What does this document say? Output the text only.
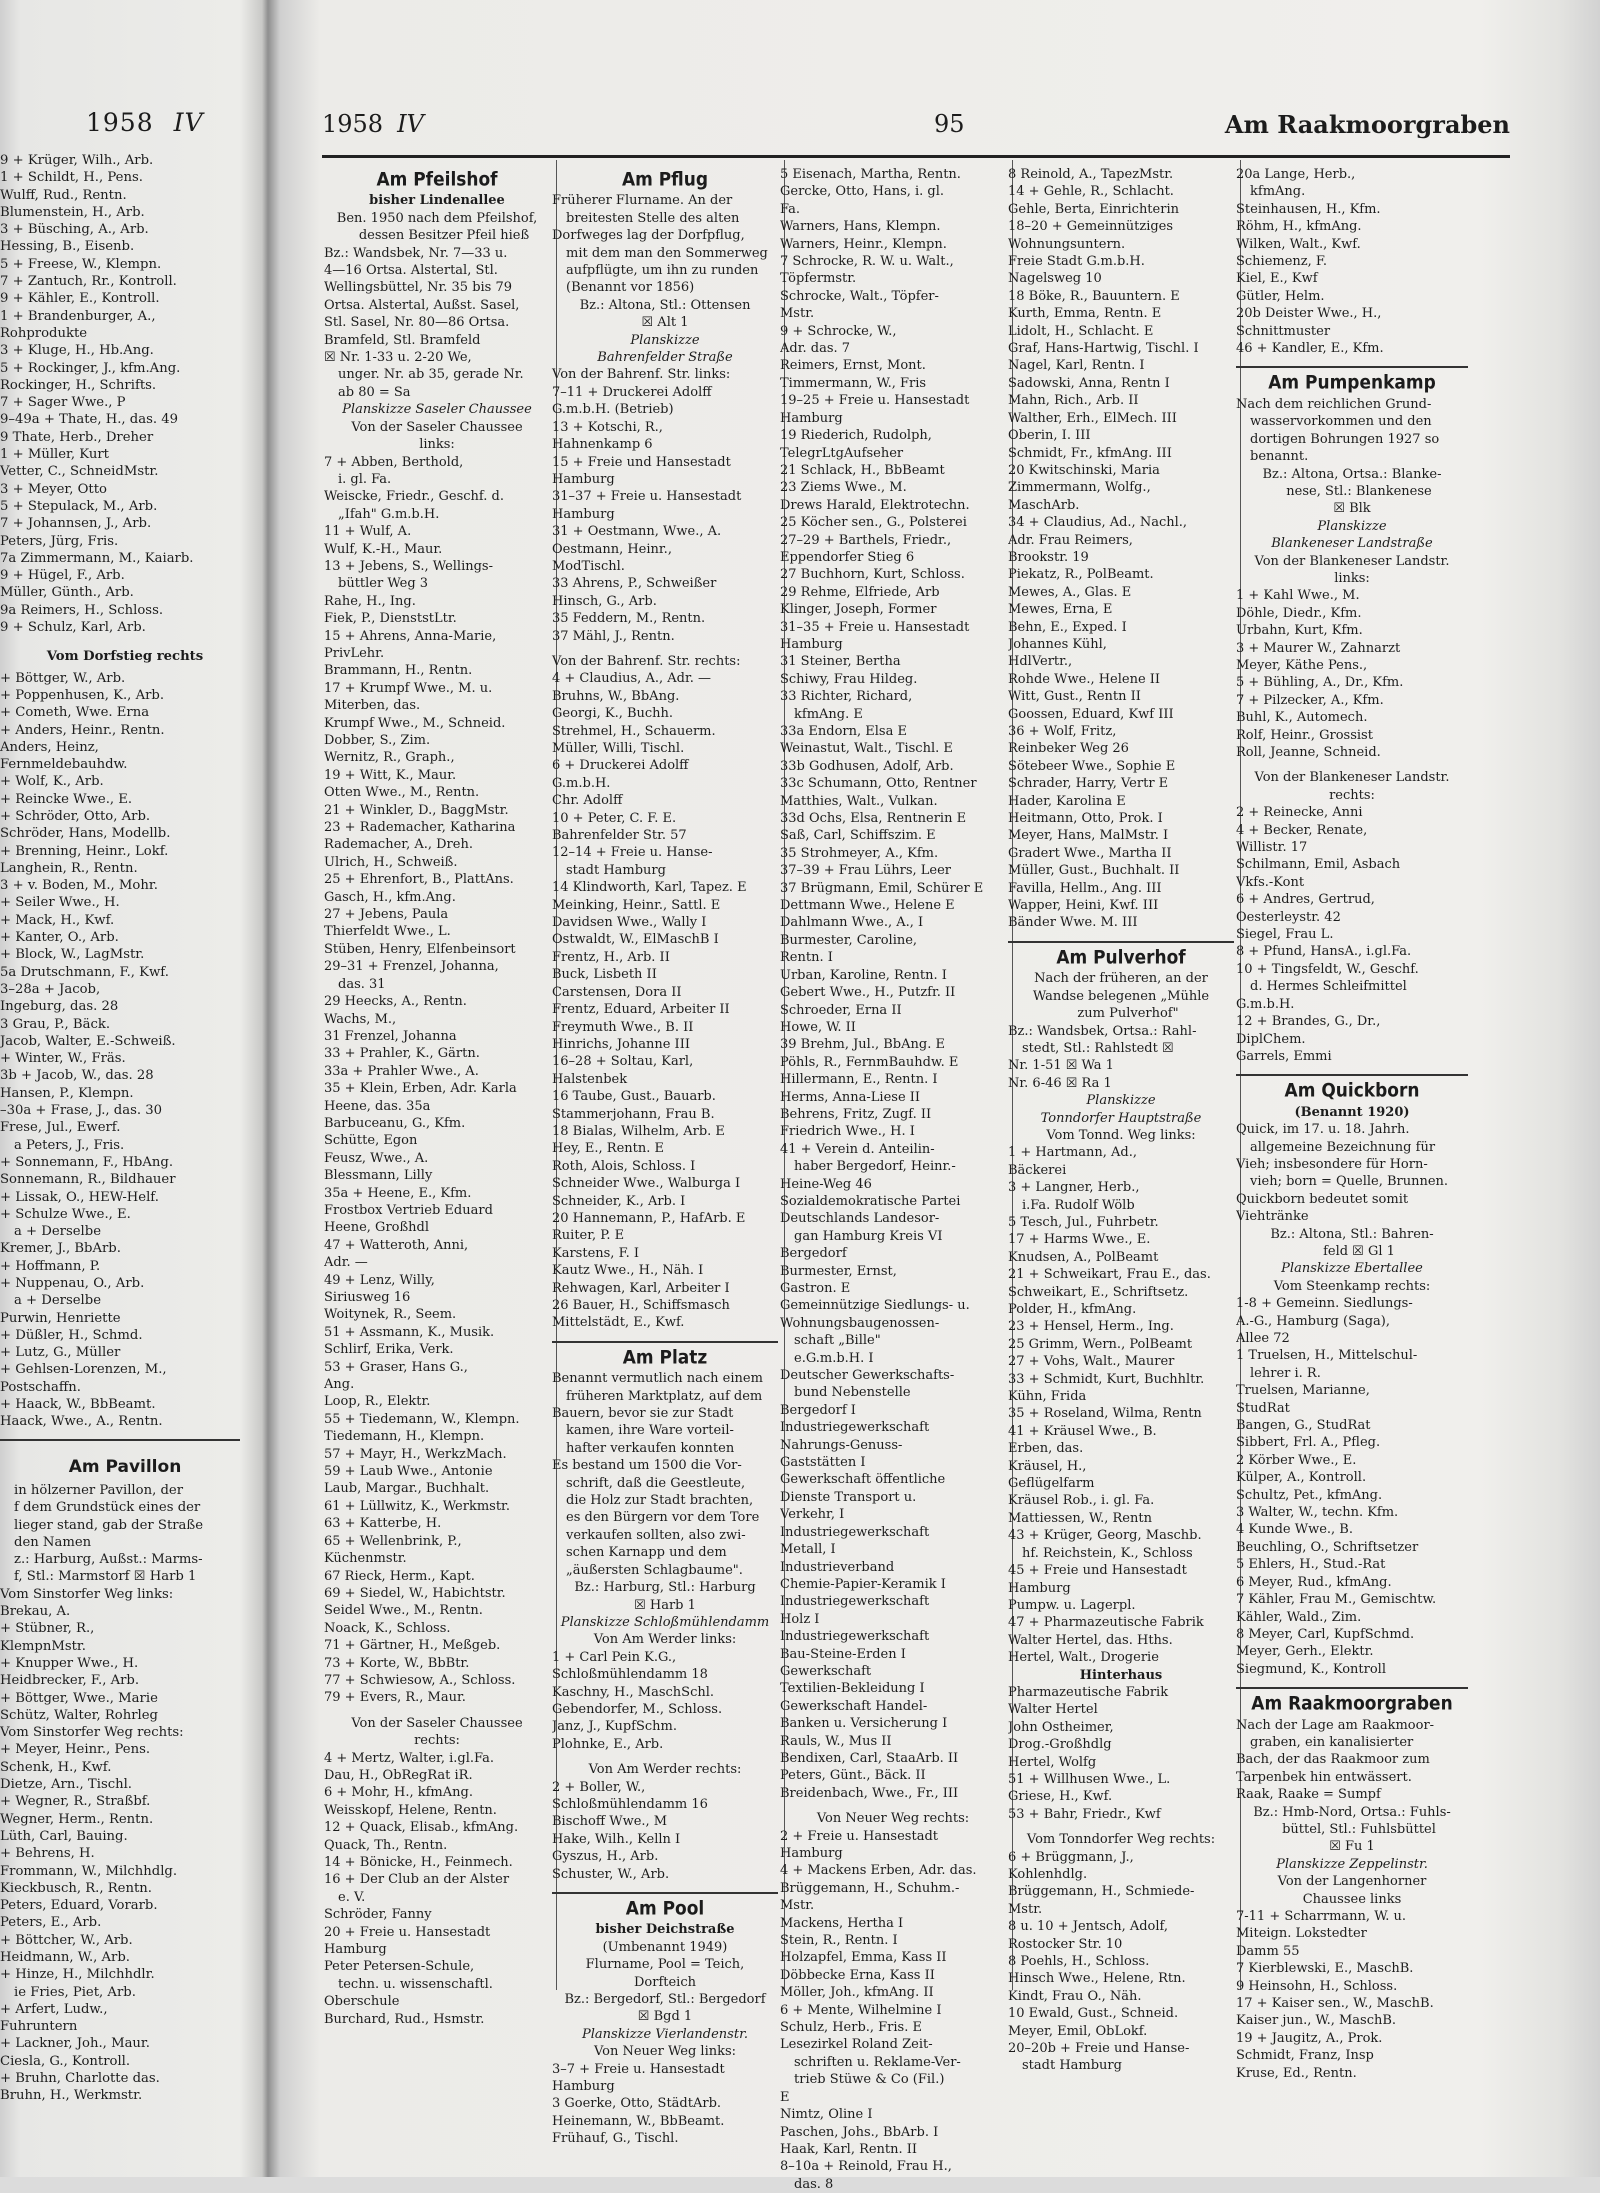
1958 IV
9 + Krüger, Wilh., Arb.
1 + Schildt, H., Pens.
Wulff, Rud., Rentn.
Blumenstein, H., Arb.
3 + Büsching, A., Arb.
Hessing, B., Eisenb.
5 + Freese, W., Klempn.
7 + Zantuch, Rr., Kontroll.
9 + Kähler, E., Kontroll.
1 + Brandenburger, A.,
Rohprodukte
3 + Kluge, H., Hb.Ang.
5 + Rockinger, J., kfm.Ang.
Rockinger, H., Schrifts.
7 + Sager Wwe., P
9–49a + Thate, H., das. 49
9 Thate, Herb., Dreher
1 + Müller, Kurt
Vetter, C., SchneidMstr.
3 + Meyer, Otto
5 + Stepulack, M., Arb.
7 + Johannsen, J., Arb.
Peters, Jürg, Fris.
7a Zimmermann, M., Kaiarb.
9 + Hügel, F., Arb.
Müller, Günth., Arb.
9a Reimers, H., Schloss.
9 + Schulz, Karl, Arb.
Vom Dorfstieg rechts
+ Böttger, W., Arb.
+ Poppenhusen, K., Arb.
+ Cometh, Wwe. Erna
+ Anders, Heinr., Rentn.
Anders, Heinz,
Fernmeldebauhdw.
+ Wolf, K., Arb.
+ Reincke Wwe., E.
+ Schröder, Otto, Arb.
Schröder, Hans, Modellb.
+ Brenning, Heinr., Lokf.
Langhein, R., Rentn.
3 + v. Boden, M., Mohr.
+ Seiler Wwe., H.
+ Mack, H., Kwf.
+ Kanter, O., Arb.
+ Block, W., LagMstr.
5a Drutschmann, F., Kwf.
3–28a + Jacob,
Ingeburg, das. 28
3 Grau, P., Bäck.
Jacob, Walter, E.-Schweiß.
+ Winter, W., Fräs.
3b + Jacob, W., das. 28
Hansen, P., Klempn.
–30a + Frase, J., das. 30
Frese, Jul., Ewerf.
a Peters, J., Fris.
+ Sonnemann, F., HbAng.
Sonnemann, R., Bildhauer
+ Lissak, O., HEW-Helf.
+ Schulze Wwe., E.
a + Derselbe
Kremer, J., BbArb.
+ Hoffmann, P.
+ Nuppenau, O., Arb.
a + Derselbe
Purwin, Henriette
+ Düßler, H., Schmd.
+ Lutz, G., Müller
+ Gehlsen-Lorenzen, M.,
Postschaffn.
+ Haack, W., BbBeamt.
Haack, Wwe., A., Rentn.
Am Pavillon
in hölzerner Pavillon, der
f dem Grundstück eines der
lieger stand, gab der Straße
den Namen
z.: Harburg, Außst.: Marms-
f, Stl.: Marmstorf ☒ Harb 1
Vom Sinstorfer Weg links:
Brekau, A.
+ Stübner, R.,
KlempnMstr.
+ Knupper Wwe., H.
Heidbrecker, F., Arb.
+ Böttger, Wwe., Marie
Schütz, Walter, Rohrleg
Vom Sinstorfer Weg rechts:
+ Meyer, Heinr., Pens.
Schenk, H., Kwf.
Dietze, Arn., Tischl.
+ Wegner, R., Straßbf.
Wegner, Herm., Rentn.
Lüth, Carl, Bauing.
+ Behrens, H.
Frommann, W., Milchhdlg.
Kieckbusch, R., Rentn.
Peters, Eduard, Vorarb.
Peters, E., Arb.
+ Böttcher, W., Arb.
Heidmann, W., Arb.
+ Hinze, H., Milchhdlr.
ie Fries, Piet, Arb.
+ Arfert, Ludw.,
Fuhruntern
+ Lackner, Joh., Maur.
Ciesla, G., Kontroll.
+ Bruhn, Charlotte das.
Bruhn, H., Werkmstr.
1958 IV	95	Am Raakmoorgraben
Am Pfeilshof
bisher Lindenallee
Ben. 1950 nach dem Pfeilshof,
dessen Besitzer Pfeil hieß
Bz.: Wandsbek, Nr. 7—33 u.
4—16 Ortsa. Alstertal, Stl.
Wellingsbüttel, Nr. 35 bis 79
Ortsa. Alstertal, Außst. Sasel,
Stl. Sasel, Nr. 80—86 Ortsa.
Bramfeld, Stl. Bramfeld
☒ Nr. 1-33 u. 2-20 We,
unger. Nr. ab 35, gerade Nr.
ab 80 = Sa
Planskizze Saseler Chaussee
Von der Saseler Chaussee
links:
7 + Abben, Berthold,
i. gl. Fa.
Weiscke, Friedr., Geschf. d.
„Ifah" G.m.b.H.
11 + Wulf, A.
Wulf, K.-H., Maur.
13 + Jebens, S., Wellings-
büttler Weg 3
Rahe, H., Ing.
Fiek, P., DienststLtr.
15 + Ahrens, Anna-Marie,
PrivLehr.
Brammann, H., Rentn.
17 + Krumpf Wwe., M. u.
Miterben, das.
Krumpf Wwe., M., Schneid.
Dobber, S., Zim.
Wernitz, R., Graph.,
19 + Witt, K., Maur.
Otten Wwe., M., Rentn.
21 + Winkler, D., BaggMstr.
23 + Rademacher, Katharina
Rademacher, A., Dreh.
Ulrich, H., Schweiß.
25 + Ehrenfort, B., PlattAns.
Gasch, H., kfm.Ang.
27 + Jebens, Paula
Thierfeldt Wwe., L.
Stüben, Henry, Elfenbeinsort
29–31 + Frenzel, Johanna,
das. 31
29 Heecks, A., Rentn.
Wachs, M.,
31 Frenzel, Johanna
33 + Prahler, K., Gärtn.
33a + Prahler Wwe., A.
35 + Klein, Erben, Adr. Karla
Heene, das. 35a
Barbuceanu, G., Kfm.
Schütte, Egon
Feusz, Wwe., A.
Blessmann, Lilly
35a + Heene, E., Kfm.
Frostbox Vertrieb Eduard
Heene, Großhdl
47 + Watteroth, Anni,
Adr. —
49 + Lenz, Willy,
Siriusweg 16
Woitynek, R., Seem.
51 + Assmann, K., Musik.
Schlirf, Erika, Verk.
53 + Graser, Hans G.,
Ang.
Loop, R., Elektr.
55 + Tiedemann, W., Klempn.
Tiedemann, H., Klempn.
57 + Mayr, H., WerkzMach.
59 + Laub Wwe., Antonie
Laub, Margar., Buchhalt.
61 + Lüllwitz, K., Werkmstr.
63 + Katterbe, H.
65 + Wellenbrink, P.,
Küchenmstr.
67 Rieck, Herm., Kapt.
69 + Siedel, W., Habichtstr.
Seidel Wwe., M., Rentn.
Noack, K., Schloss.
71 + Gärtner, H., Meßgeb.
73 + Korte, W., BbBtr.
77 + Schwiesow, A., Schloss.
79 + Evers, R., Maur.
Von der Saseler Chaussee
rechts:
4 + Mertz, Walter, i.gl.Fa.
Dau, H., ObRegRat iR.
6 + Mohr, H., kfmAng.
Weisskopf, Helene, Rentn.
12 + Quack, Elisab., kfmAng.
Quack, Th., Rentn.
14 + Bönicke, H., Feinmech.
16 + Der Club an der Alster
e. V.
Schröder, Fanny
20 + Freie u. Hansestadt
Hamburg
Peter Petersen-Schule,
techn. u. wissenschaftl.
Oberschule
Burchard, Rud., Hsmstr.
Am Pflug
Früherer Flurname. An der
breitesten Stelle des alten
Dorfweges lag der Dorfpflug,
mit dem man den Sommerweg
aufpflügte, um ihn zu runden
(Benannt vor 1856)
Bz.: Altona, Stl.: Ottensen
☒ Alt 1
Planskizze
Bahrenfelder Straße
Von der Bahrenf. Str. links:
7–11 + Druckerei Adolff
G.m.b.H. (Betrieb)
13 + Kotschi, R.,
Hahnenkamp 6
15 + Freie und Hansestadt
Hamburg
31–37 + Freie u. Hansestadt
Hamburg
31 + Oestmann, Wwe., A.
Oestmann, Heinr.,
ModTischl.
33 Ahrens, P., Schweißer
Hinsch, G., Arb.
35 Feddern, M., Rentn.
37 Mähl, J., Rentn.
Von der Bahrenf. Str. rechts:
4 + Claudius, A., Adr. —
Bruhns, W., BbAng.
Georgi, K., Buchh.
Strehmel, H., Schauerm.
Müller, Willi, Tischl.
6 + Druckerei Adolff
G.m.b.H.
Chr. Adolff
10 + Peter, C. F. E.
Bahrenfelder Str. 57
12–14 + Freie u. Hanse-
stadt Hamburg
14 Klindworth, Karl, Tapez. E
Meinking, Heinr., Sattl. E
Davidsen Wwe., Wally I
Ostwaldt, W., ElMaschB I
Frentz, H., Arb. II
Buck, Lisbeth II
Carstensen, Dora II
Frentz, Eduard, Arbeiter II
Freymuth Wwe., B. II
Hinrichs, Johanne III
16–28 + Soltau, Karl,
Halstenbek
16 Taube, Gust., Bauarb.
Stammerjohann, Frau B.
18 Bialas, Wilhelm, Arb. E
Hey, E., Rentn. E
Roth, Alois, Schloss. I
Schneider Wwe., Walburga I
Schneider, K., Arb. I
20 Hannemann, P., HafArb. E
Ruiter, P. E
Karstens, F. I
Kautz Wwe., H., Näh. I
Rehwagen, Karl, Arbeiter I
26 Bauer, H., Schiffsmasch
Mittelstädt, E., Kwf.
Am Platz
Benannt vermutlich nach einem
früheren Marktplatz, auf dem
Bauern, bevor sie zur Stadt
kamen, ihre Ware vorteil-
hafter verkaufen konnten
Es bestand um 1500 die Vor-
schrift, daß die Geestleute,
die Holz zur Stadt brachten,
es den Bürgern vor dem Tore
verkaufen sollten, also zwi-
schen Karnapp und dem
„äußersten Schlagbaume".
Bz.: Harburg, Stl.: Harburg
☒ Harb 1
Planskizze Schloßmühlendamm
Von Am Werder links:
1 + Carl Pein K.G.,
Schloßmühlendamm 18
Kaschny, H., MaschSchl.
Gebendorfer, M., Schloss.
Janz, J., KupfSchm.
Plohnke, E., Arb.
Von Am Werder rechts:
2 + Boller, W.,
Schloßmühlendamm 16
Bischoff Wwe., M
Hake, Wilh., Kelln I
Gyszus, H., Arb.
Schuster, W., Arb.
Am Pool
bisher Deichstraße
(Umbenannt 1949)
Flurname, Pool = Teich,
Dorfteich
Bz.: Bergedorf, Stl.: Bergedorf
☒ Bgd 1
Planskizze Vierlandenstr.
Von Neuer Weg links:
3–7 + Freie u. Hansestadt
Hamburg
3 Goerke, Otto, StädtArb.
Heinemann, W., BbBeamt.
Frühauf, G., Tischl.
5 Eisenach, Martha, Rentn.
Gercke, Otto, Hans, i. gl.
Fa.
Warners, Hans, Klempn.
Warners, Heinr., Klempn.
7 Schrocke, R. W. u. Walt.,
Töpfermstr.
Schrocke, Walt., Töpfer-
Mstr.
9 + Schrocke, W.,
Adr. das. 7
Reimers, Ernst, Mont.
Timmermann, W., Fris
19–25 + Freie u. Hansestadt
Hamburg
19 Riederich, Rudolph,
TelegrLtgAufseher
21 Schlack, H., BbBeamt
23 Ziems Wwe., M.
Drews Harald, Elektrotechn.
25 Köcher sen., G., Polsterei
27–29 + Barthels, Friedr.,
Eppendorfer Stieg 6
27 Buchhorn, Kurt, Schloss.
29 Rehme, Elfriede, Arb
Klinger, Joseph, Former
31–35 + Freie u. Hansestadt
Hamburg
31 Steiner, Bertha
Schiwy, Frau Hildeg.
33 Richter, Richard,
kfmAng. E
33a Endorn, Elsa E
Weinastut, Walt., Tischl. E
33b Godhusen, Adolf, Arb.
33c Schumann, Otto, Rentner
Matthies, Walt., Vulkan.
33d Ochs, Elsa, Rentnerin E
Saß, Carl, Schiffszim. E
35 Strohmeyer, A., Kfm.
37–39 + Frau Lührs, Leer
37 Brügmann, Emil, Schürer E
Dettmann Wwe., Helene E
Dahlmann Wwe., A., I
Burmester, Caroline,
Rentn. I
Urban, Karoline, Rentn. I
Gebert Wwe., H., Putzfr. II
Schroeder, Erna II
Howe, W. II
39 Brehm, Jul., BbAng. E
Pöhls, R., FernmBauhdw. E
Hillermann, E., Rentn. I
Herms, Anna-Liese II
Behrens, Fritz, Zugf. II
Friedrich Wwe., H. I
41 + Verein d. Anteilin-
haber Bergedorf, Heinr.-
Heine-Weg 46
Sozialdemokratische Partei
Deutschlands Landesor-
gan Hamburg Kreis VI
Bergedorf
Burmester, Ernst,
Gastron. E
Gemeinnützige Siedlungs- u.
Wohnungsbaugenossen-
schaft „Bille"
e.G.m.b.H. I
Deutscher Gewerkschafts-
bund Nebenstelle
Bergedorf I
Industriegewerkschaft
Nahrungs-Genuss-
Gaststätten I
Gewerkschaft öffentliche
Dienste Transport u.
Verkehr, I
Industriegewerkschaft
Metall, I
Industrieverband
Chemie-Papier-Keramik I
Industriegewerkschaft
Holz I
Industriegewerkschaft
Bau-Steine-Erden I
Gewerkschaft
Textilien-Bekleidung I
Gewerkschaft Handel-
Banken u. Versicherung I
Rauls, W., Mus II
Bendixen, Carl, StaaArb. II
Peters, Günt., Bäck. II
Breidenbach, Wwe., Fr., III
Von Neuer Weg rechts:
2 + Freie u. Hansestadt
Hamburg
4 + Mackens Erben, Adr. das.
Brüggemann, H., Schuhm.-
Mstr.
Mackens, Hertha I
Stein, R., Rentn. I
Holzapfel, Emma, Kass II
Döbbecke Erna, Kass II
Möller, Joh., kfmAng. II
6 + Mente, Wilhelmine I
Schulz, Herb., Fris. E
Lesezirkel Roland Zeit-
schriften u. Reklame-Ver-
trieb Stüwe & Co (Fil.)
E
Nimtz, Oline I
Paschen, Johs., BbArb. I
Haak, Karl, Rentn. II
8–10a + Reinold, Frau H.,
das. 8
8 Reinold, A., TapezMstr.
14 + Gehle, R., Schlacht.
Gehle, Berta, Einrichterin
18–20 + Gemeinnütziges
Wohnungsuntern.
Freie Stadt G.m.b.H.
Nagelsweg 10
18 Böke, R., Bauuntern. E
Kurth, Emma, Rentn. E
Lidolt, H., Schlacht. E
Graf, Hans-Hartwig, Tischl. I
Nagel, Karl, Rentn. I
Sadowski, Anna, Rentn I
Mahn, Rich., Arb. II
Walther, Erh., ElMech. III
Oberin, I. III
Schmidt, Fr., kfmAng. III
20 Kwitschinski, Maria
Zimmermann, Wolfg.,
MaschArb.
34 + Claudius, Ad., Nachl.,
Adr. Frau Reimers,
Brookstr. 19
Piekatz, R., PolBeamt.
Mewes, A., Glas. E
Mewes, Erna, E
Behn, E., Exped. I
Johannes Kühl,
HdlVertr.,
Rohde Wwe., Helene II
Witt, Gust., Rentn II
Goossen, Eduard, Kwf III
36 + Wolf, Fritz,
Reinbeker Weg 26
Sötebeer Wwe., Sophie E
Schrader, Harry, Vertr E
Hader, Karolina E
Heitmann, Otto, Prok. I
Meyer, Hans, MalMstr. I
Gradert Wwe., Martha II
Müller, Gust., Buchhalt. II
Favilla, Hellm., Ang. III
Wapper, Heini, Kwf. III
Bänder Wwe. M. III
Am Pulverhof
Nach der früheren, an der
Wandse belegenen „Mühle
zum Pulverhof"
Bz.: Wandsbek, Ortsa.: Rahl-
stedt, Stl.: Rahlstedt ☒
Nr. 1-51 ☒ Wa 1
Nr. 6-46 ☒ Ra 1
Planskizze
Tonndorfer Hauptstraße
Vom Tonnd. Weg links:
1 + Hartmann, Ad.,
Bäckerei
3 + Langner, Herb.,
i.Fa. Rudolf Wölb
5 Tesch, Jul., Fuhrbetr.
17 + Harms Wwe., E.
Knudsen, A., PolBeamt
21 + Schweikart, Frau E., das.
Schweikart, E., Schriftsetz.
Polder, H., kfmAng.
23 + Hensel, Herm., Ing.
25 Grimm, Wern., PolBeamt
27 + Vohs, Walt., Maurer
33 + Schmidt, Kurt, Buchhltr.
Kühn, Frida
35 + Roseland, Wilma, Rentn
41 + Kräusel Wwe., B.
Erben, das.
Kräusel, H.,
Geflügelfarm
Kräusel Rob., i. gl. Fa.
Mattiessen, W., Rentn
43 + Krüger, Georg, Maschb.
hf. Reichstein, K., Schloss
45 + Freie und Hansestadt
Hamburg
Pumpw. u. Lagerpl.
47 + Pharmazeutische Fabrik
Walter Hertel, das. Hths.
Hertel, Walt., Drogerie
Hinterhaus
Pharmazeutische Fabrik
Walter Hertel
John Ostheimer,
Drog.-Großhdlg
Hertel, Wolfg
51 + Willhusen Wwe., L.
Griese, H., Kwf.
53 + Bahr, Friedr., Kwf
Vom Tonndorfer Weg rechts:
6 + Brüggmann, J.,
Kohlenhdlg.
Brüggemann, H., Schmiede-
Mstr.
8 u. 10 + Jentsch, Adolf,
Rostocker Str. 10
8 Poehls, H., Schloss.
Hinsch Wwe., Helene, Rtn.
Kindt, Frau O., Näh.
10 Ewald, Gust., Schneid.
Meyer, Emil, ObLokf.
20–20b + Freie und Hanse-
stadt Hamburg
20a Lange, Herb.,
kfmAng.
Steinhausen, H., Kfm.
Röhm, H., kfmAng.
Wilken, Walt., Kwf.
Schiemenz, F.
Kiel, E., Kwf
Gütler, Helm.
20b Deister Wwe., H.,
Schnittmuster
46 + Kandler, E., Kfm.
Am Pumpenkamp
Nach dem reichlichen Grund-
wasservorkommen und den
dortigen Bohrungen 1927 so
benannt.
Bz.: Altona, Ortsa.: Blanke-
nese, Stl.: Blankenese
☒ Blk
Planskizze
Blankeneser Landstraße
Von der Blankeneser Landstr.
links:
1 + Kahl Wwe., M.
Döhle, Diedr., Kfm.
Urbahn, Kurt, Kfm.
3 + Maurer W., Zahnarzt
Meyer, Käthe Pens.,
5 + Bühling, A., Dr., Kfm.
7 + Pilzecker, A., Kfm.
Buhl, K., Automech.
Rolf, Heinr., Grossist
Roll, Jeanne, Schneid.
Von der Blankeneser Landstr.
rechts:
2 + Reinecke, Anni
4 + Becker, Renate,
Willistr. 17
Schilmann, Emil, Asbach
Vkfs.-Kont
6 + Andres, Gertrud,
Oesterleystr. 42
Siegel, Frau L.
8 + Pfund, HansA., i.gl.Fa.
10 + Tingsfeldt, W., Geschf.
d. Hermes Schleifmittel
G.m.b.H.
12 + Brandes, G., Dr.,
DiplChem.
Garrels, Emmi
Am Quickborn
(Benannt 1920)
Quick, im 17. u. 18. Jahrh.
allgemeine Bezeichnung für
Vieh; insbesondere für Horn-
vieh; born = Quelle, Brunnen.
Quickborn bedeutet somit
Viehtränke
Bz.: Altona, Stl.: Bahren-
feld ☒ Gl 1
Planskizze Ebertallee
Vom Steenkamp rechts:
1-8 + Gemeinn. Siedlungs-
A.-G., Hamburg (Saga),
Allee 72
1 Truelsen, H., Mittelschul-
lehrer i. R.
Truelsen, Marianne,
StudRat
Bangen, G., StudRat
Sibbert, Frl. A., Pfleg.
2 Körber Wwe., E.
Külper, A., Kontroll.
Schultz, Pet., kfmAng.
3 Walter, W., techn. Kfm.
4 Kunde Wwe., B.
Beuchling, O., Schriftsetzer
5 Ehlers, H., Stud.-Rat
6 Meyer, Rud., kfmAng.
7 Kähler, Frau M., Gemischtw.
Kähler, Wald., Zim.
8 Meyer, Carl, KupfSchmd.
Meyer, Gerh., Elektr.
Siegmund, K., Kontroll
Am Raakmoorgraben
Nach der Lage am Raakmoor-
graben, ein kanalisierter
Bach, der das Raakmoor zum
Tarpenbek hin entwässert.
Raak, Raake = Sumpf
Bz.: Hmb-Nord, Ortsa.: Fuhls-
büttel, Stl.: Fuhlsbüttel
☒ Fu 1
Planskizze Zeppelinstr.
Von der Langenhorner
Chaussee links
7-11 + Scharrmann, W. u.
Miteign. Lokstedter
Damm 55
7 Kierblewski, E., MaschB.
9 Heinsohn, H., Schloss.
17 + Kaiser sen., W., MaschB.
Kaiser jun., W., MaschB.
19 + Jaugitz, A., Prok.
Schmidt, Franz, Insp
Kruse, Ed., Rentn.
